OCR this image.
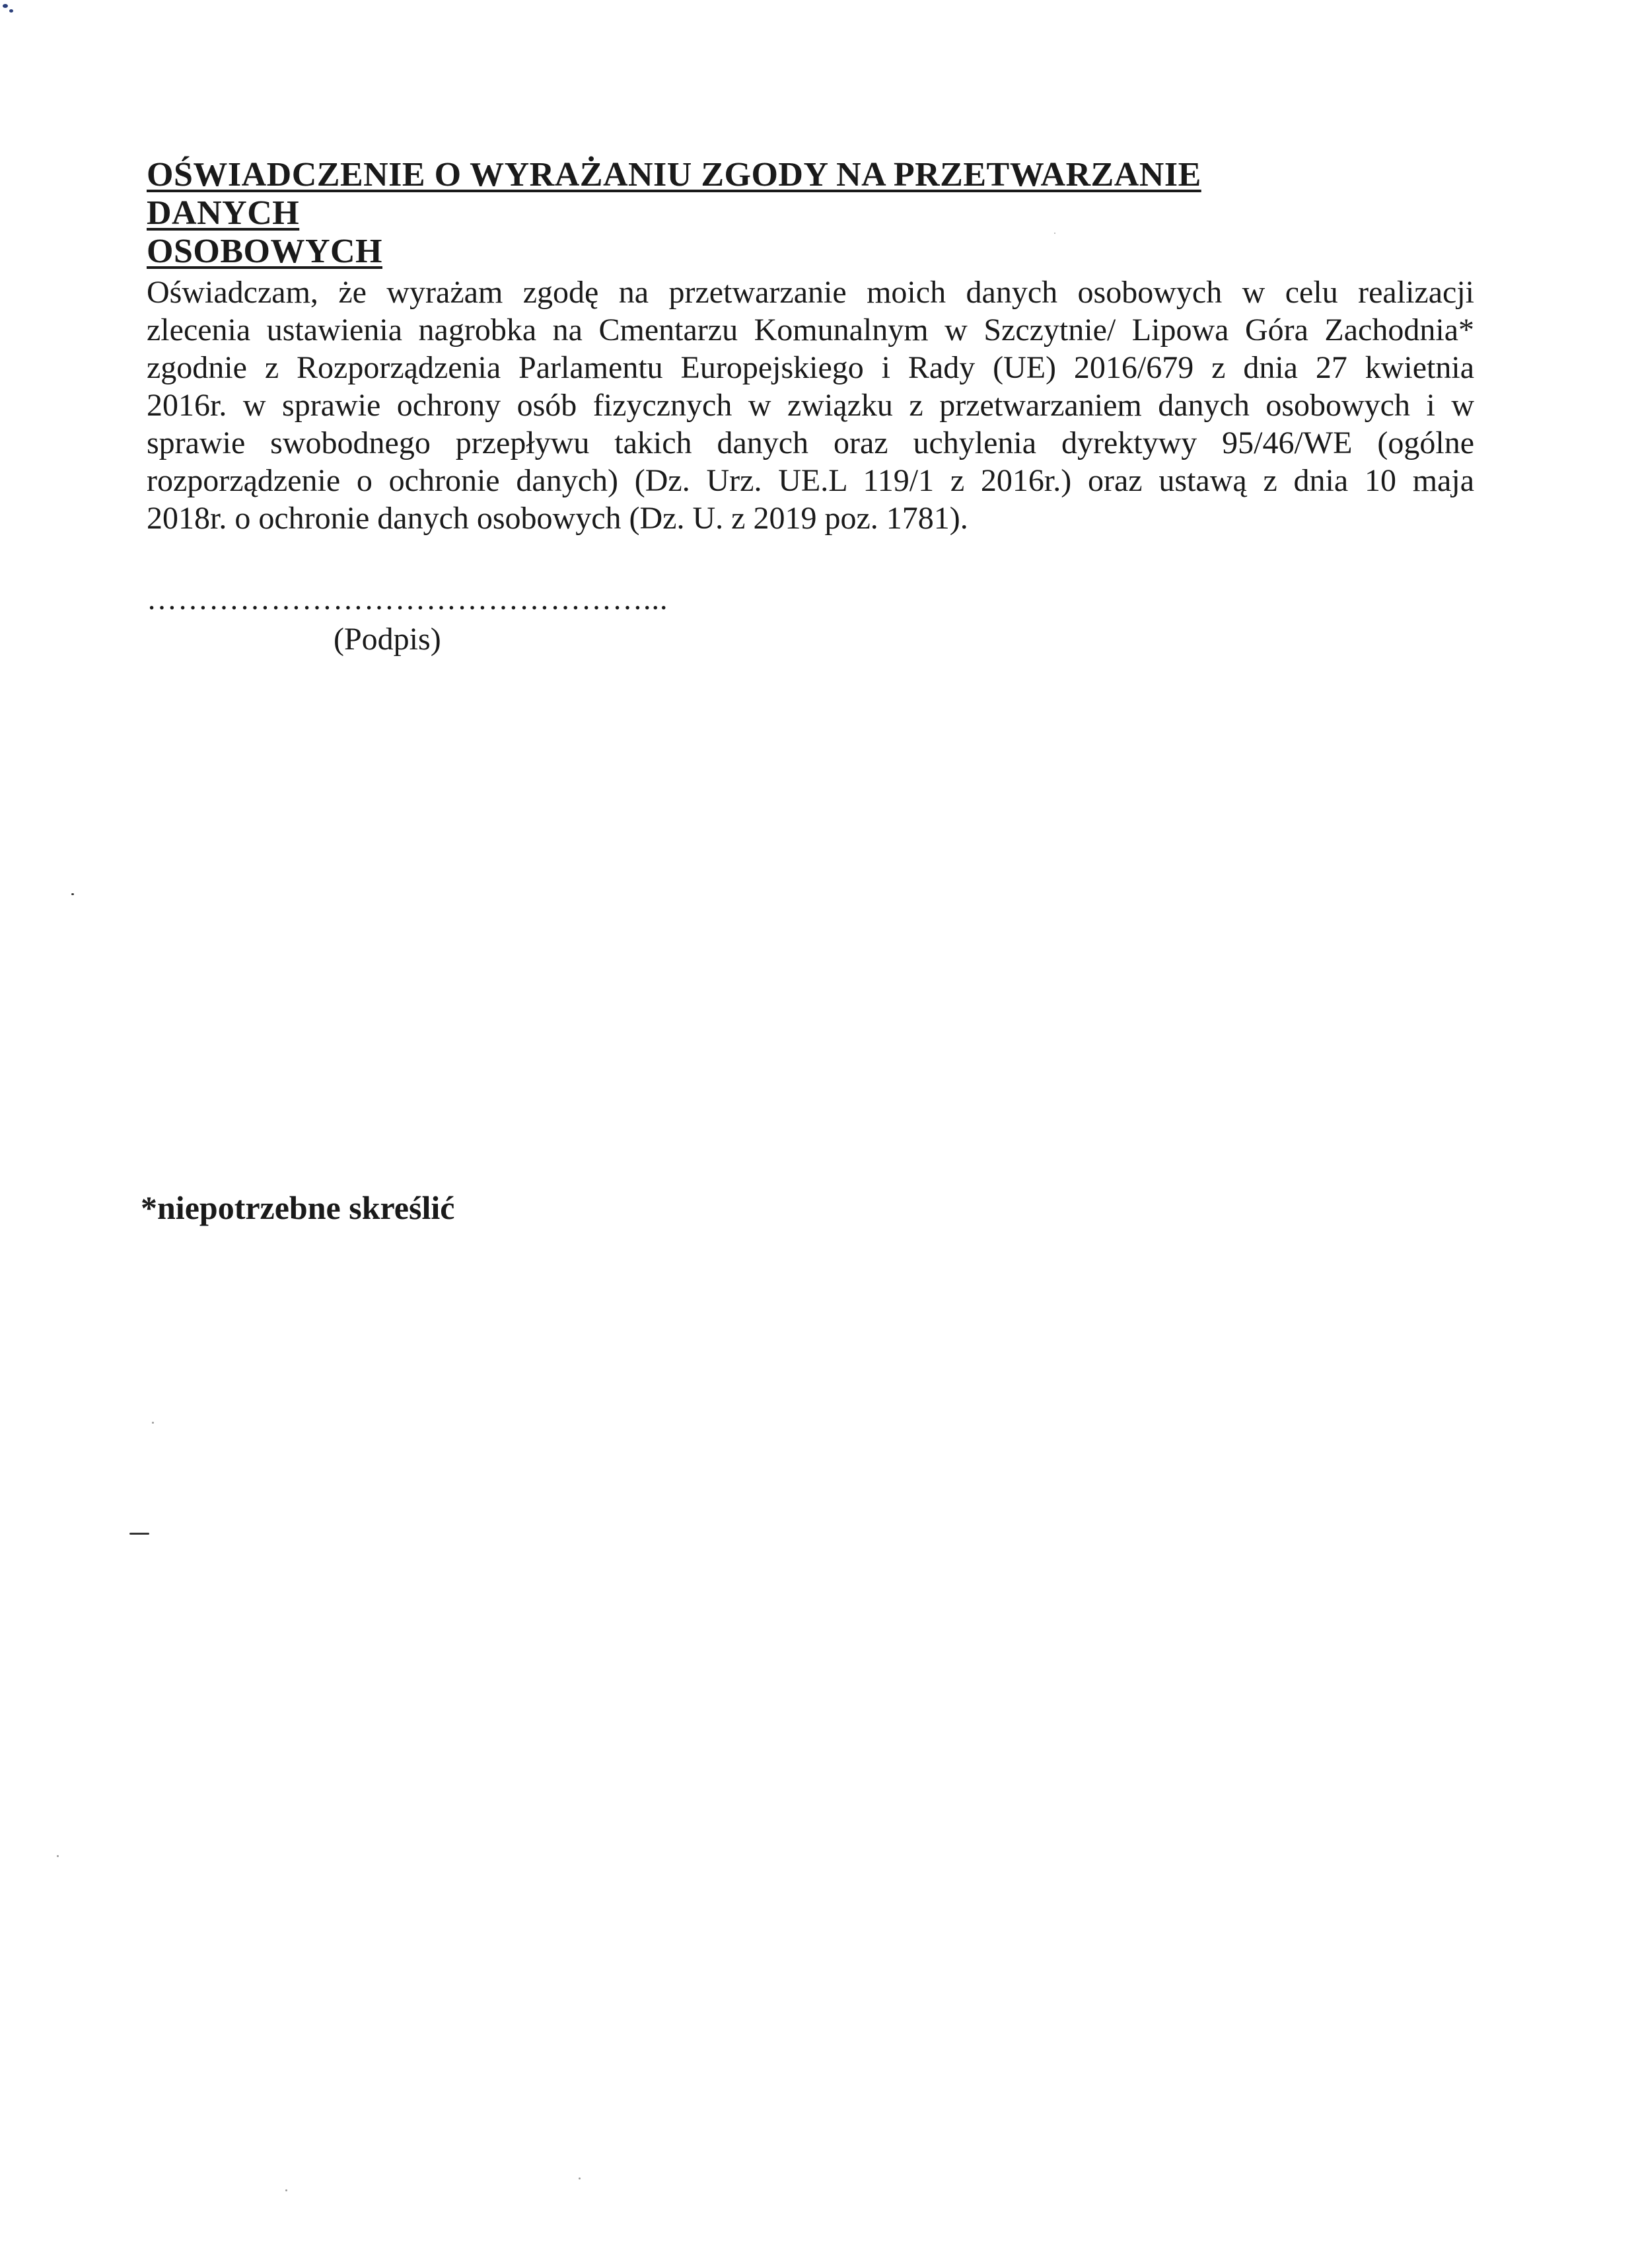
OŚWIADCZENIE O WYRAŻANIU ZGODY NA PRZETWARZANIE DANYCH
OSOBOWYCH
Oświadczam, że wyrażam zgodę na przetwarzanie moich danych osobowych w celu realizacji
zlecenia ustawienia nagrobka na Cmentarzu Komunalnym w Szczytnie/ Lipowa Góra Zachodnia*
zgodnie z Rozporządzenia Parlamentu Europejskiego i Rady (UE) 2016/679 z dnia 27 kwietnia
2016r. w sprawie ochrony osób fizycznych w związku z przetwarzaniem danych osobowych i w
sprawie swobodnego przepływu takich danych oraz uchylenia dyrektywy 95/46/WE (ogólne
rozporządzenie o ochronie danych) (Dz. Urz. UE.L 119/1 z 2016r.) oraz ustawą z dnia 10 maja
2018r. o ochronie danych osobowych (Dz. U. z 2019 poz. 1781).
…………………………………………...
(Podpis)
*niepotrzebne skreślić
